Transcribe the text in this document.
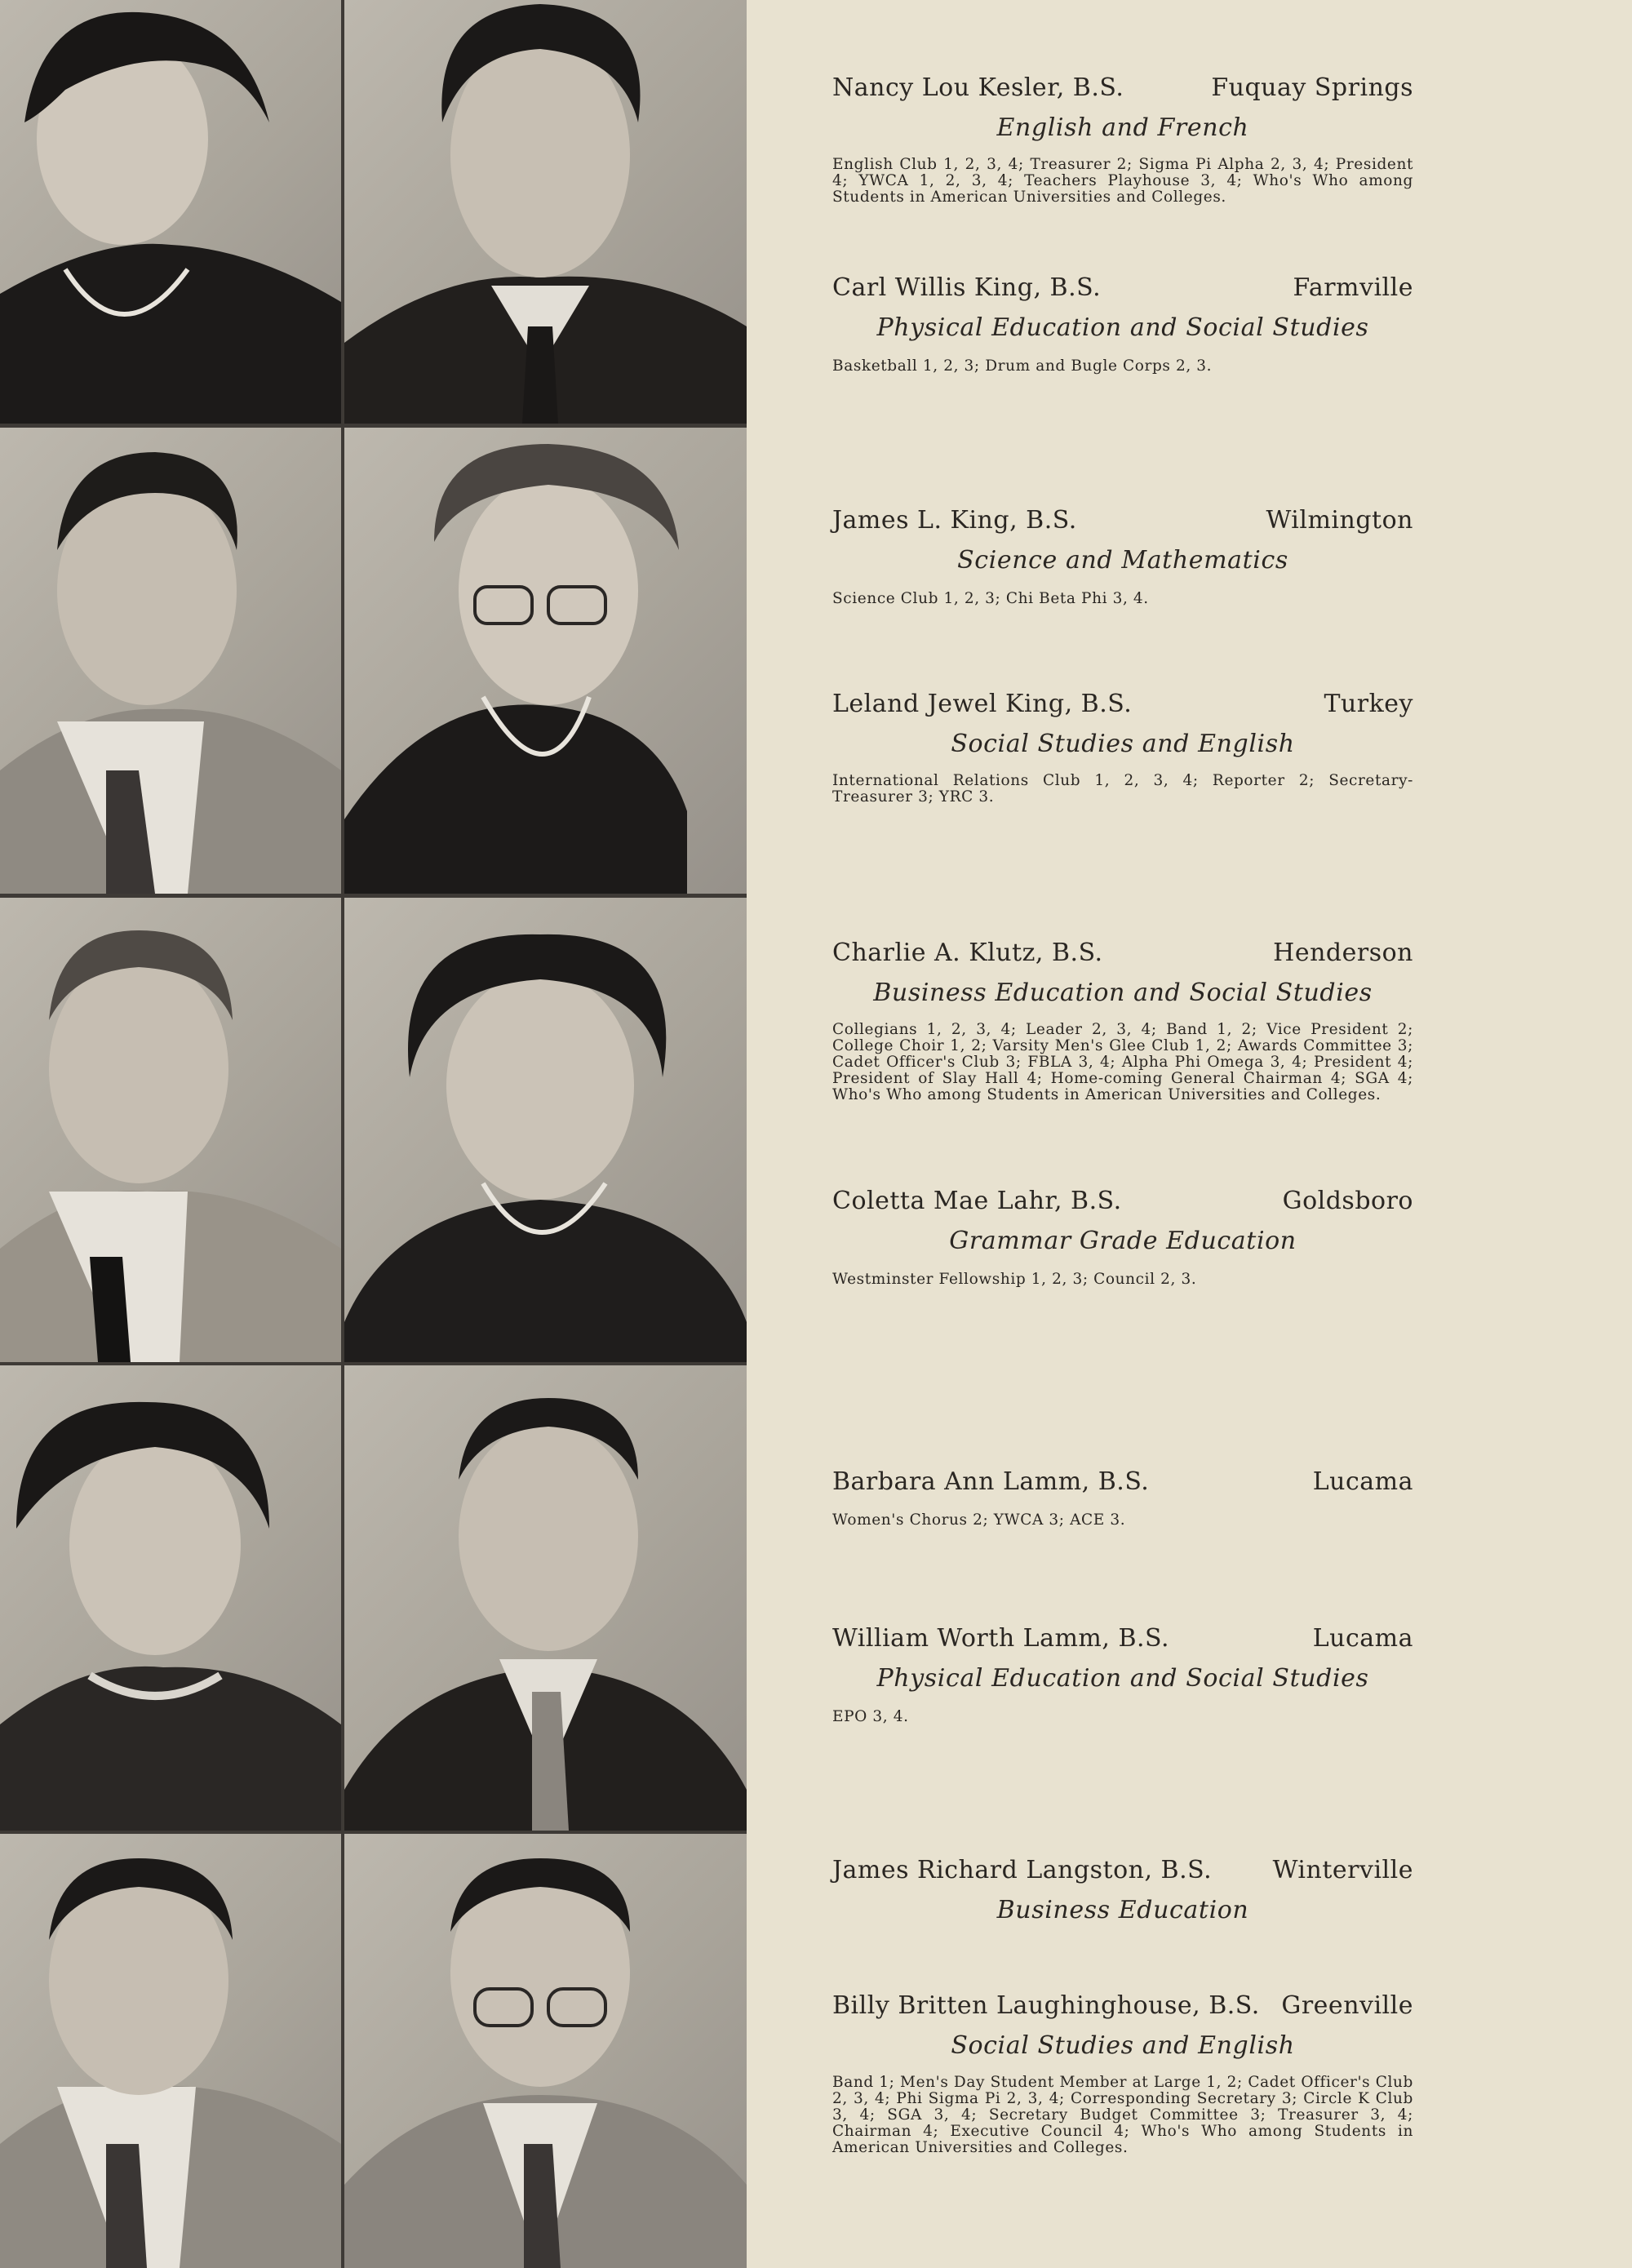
Nancy Lou Kesler, B.S.	Fuquay Springs
English and French
English Club 1, 2, 3, 4; Treasurer 2; Sigma Pi Alpha 2, 3, 4; President 4; YWCA 1, 2, 3, 4; Teachers Playhouse 3, 4; Who's Who among Students in American Universities and Colleges.
Carl Willis King, B.S.	Farmville
Physical Education and Social Studies
Basketball 1, 2, 3; Drum and Bugle Corps 2, 3.
James L. King, B.S.	Wilmington
Science and Mathematics
Science Club 1, 2, 3; Chi Beta Phi 3, 4.
Leland Jewel King, B.S.	Turkey
Social Studies and English
International Relations Club 1, 2, 3, 4; Reporter 2; Secretary-Treasurer 3; YRC 3.
Charlie A. Klutz, B.S.	Henderson
Business Education and Social Studies
Collegians 1, 2, 3, 4; Leader 2, 3, 4; Band 1, 2; Vice President 2; College Choir 1, 2; Varsity Men's Glee Club 1, 2; Awards Committee 3; Cadet Officer's Club 3; FBLA 3, 4; Alpha Phi Omega 3, 4; President 4; President of Slay Hall 4; Home-coming General Chairman 4; SGA 4; Who's Who among Students in American Universities and Colleges.
Coletta Mae Lahr, B.S.	Goldsboro
Grammar Grade Education
Westminster Fellowship 1, 2, 3; Council 2, 3.
Barbara Ann Lamm, B.S.	Lucama
Women's Chorus 2; YWCA 3; ACE 3.
William Worth Lamm, B.S.	Lucama
Physical Education and Social Studies
EPO 3, 4.
James Richard Langston, B.S. Winterville
Business Education
Billy Britten Laughinghouse, B.S. Greenville
Social Studies and English
Band 1; Men's Day Student Member at Large 1, 2; Cadet Officer's Club 2, 3, 4; Phi Sigma Pi 2, 3, 4; Corresponding Secretary 3; Circle K Club 3, 4; SGA 3, 4; Secretary Budget Committee 3; Treasurer 3, 4; Chairman 4; Executive Council 4; Who's Who among Students in American Universities and Colleges.
